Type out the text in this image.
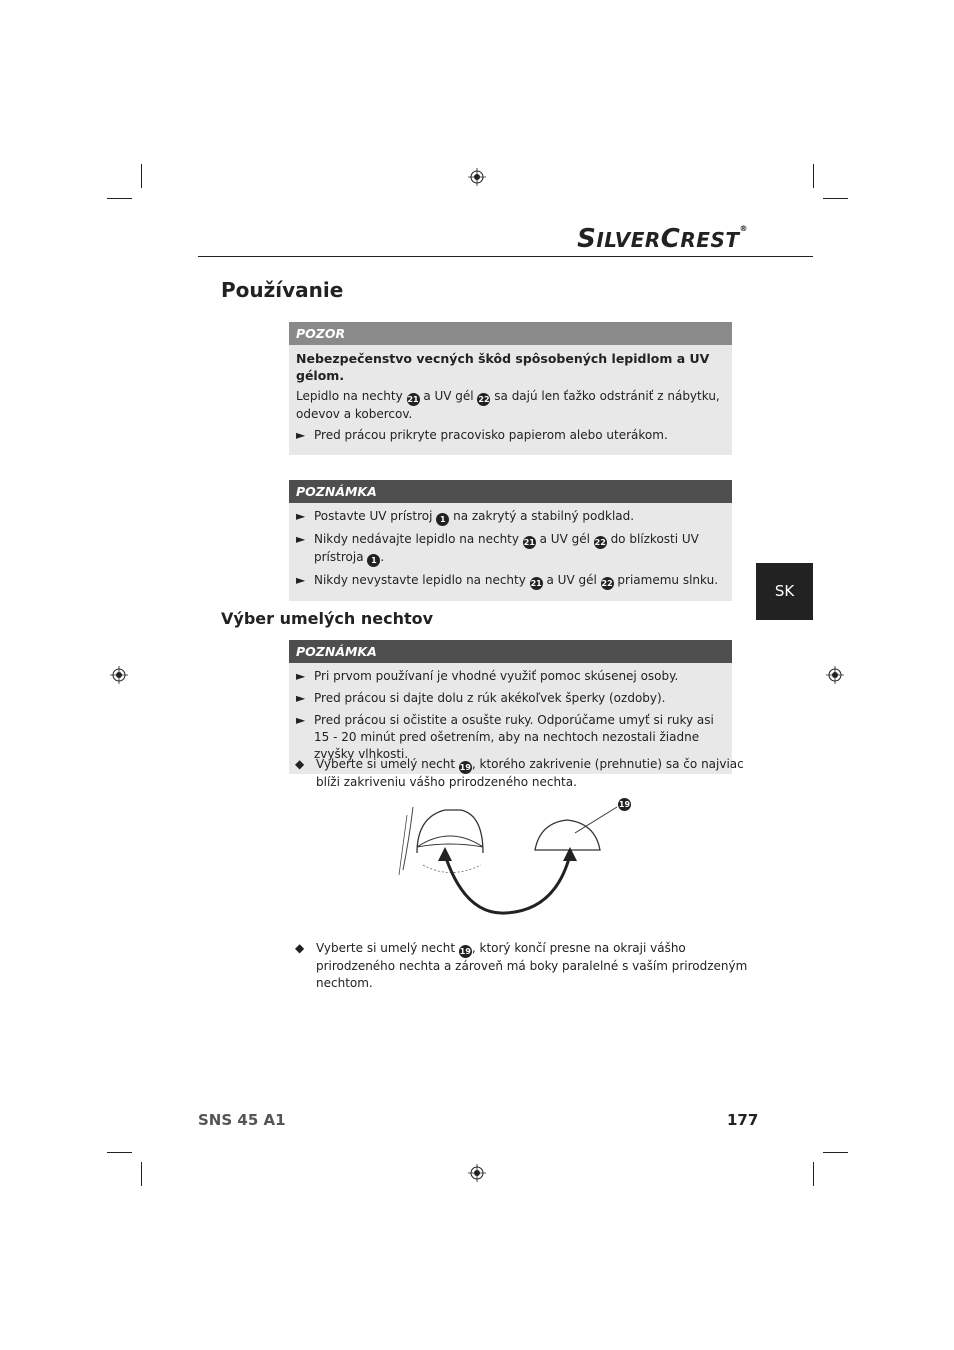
SILVERCREST®
Používanie
POZOR

Nebezpečenstvo vecných škôd spôsobených lepidlom a UV gélom.

Lepidlo na nechty 21 a UV gél 22 sa dajú len ťažko odstrániť z nábytku, odevov a kobercov.

► Pred prácou prikryte pracovisko papierom alebo uterákom.
POZNÁMKA
► Postavte UV prístroj 1 na zakrytý a stabilný podklad.
► Nikdy nedávajte lepidlo na nechty 21 a UV gél 22 do blízkosti UV prístroja 1 .
► Nikdy nevystavte lepidlo na nechty 21 a UV gél 22 priamemu slnku.
SK
Výber umelých nechtov
POZNÁMKA
► Pri prvom používaní je vhodné využiť pomoc skúsenej osoby.
► Pred prácou si dajte dolu z rúk akékoľvek šperky (ozdoby).
► Pred prácou si očistite a osušte ruky. Odporúčame umyť si ruky asi 15 - 20 minút pred ošetrením, aby na nechtoch nezostali žiadne zvyšky vlhkosti.
◆ Vyberte si umelý necht 19, ktorého zakrivenie (prehnutie) sa čo najviac blíži zakriveniu vášho prirodzeného nechta.
19
◆ Vyberte si umelý necht 19, ktorý končí presne na okraji vášho prirodzeného nechta a zároveň má boky paralelné s vaším prirodzeným nechtom.
SNS 45 A1	177
